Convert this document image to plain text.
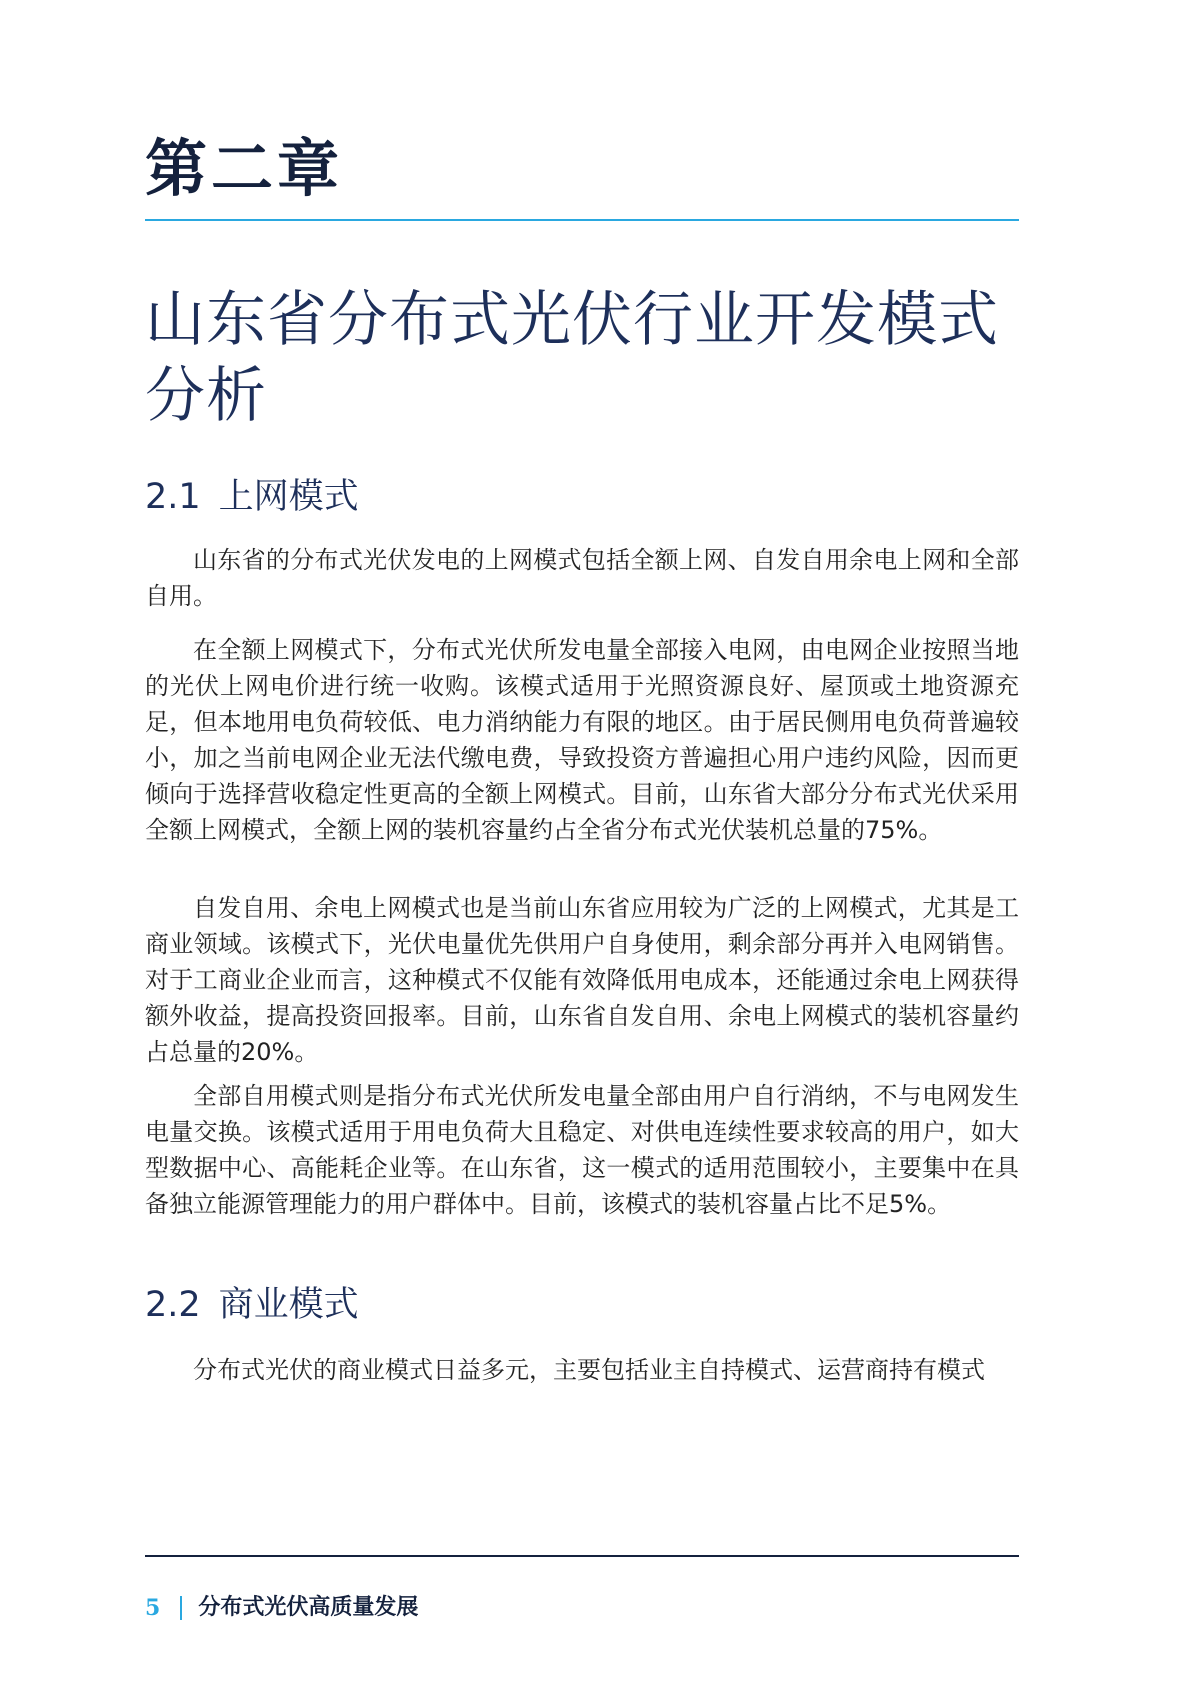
第二章
山东省分布式光伏行业开发模式分析
2.1 上网模式

山东省的分布式光伏发电的上网模式包括全额上网、自发自用余电上网和全部自用。

在全额上网模式下，分布式光伏所发电量全部接入电网，由电网企业按照当地的光伏上网电价进行统一收购。该模式适用于光照资源良好、屋顶或土地资源充足，但本地用电负荷较低、电力消纳能力有限的地区。由于居民侧用电负荷普遍较小，加之当前电网企业无法代缴电费，导致投资方普遍担心用户违约风险，因而更倾向于选择营收稳定性更高的全额上网模式。目前，山东省大部分分布式光伏采用全额上网模式，全额上网的装机容量约占全省分布式光伏装机总量的75%。

自发自用、余电上网模式也是当前山东省应用较为广泛的上网模式，尤其是工商业领域。该模式下，光伏电量优先供用户自身使用，剩余部分再并入电网销售。对于工商业企业而言，这种模式不仅能有效降低用电成本，还能通过余电上网获得额外收益，提高投资回报率。目前，山东省自发自用、余电上网模式的装机容量约占总量的20%。

全部自用模式则是指分布式光伏所发电量全部由用户自行消纳，不与电网发生电量交换。该模式适用于用电负荷大且稳定、对供电连续性要求较高的用户，如大型数据中心、高能耗企业等。在山东省，这一模式的适用范围较小，主要集中在具备独立能源管理能力的用户群体中。目前，该模式的装机容量占比不足5%。

2.2 商业模式

分布式光伏的商业模式日益多元，主要包括业主自持模式、运营商持有模式

5 分布式光伏高质量发展
